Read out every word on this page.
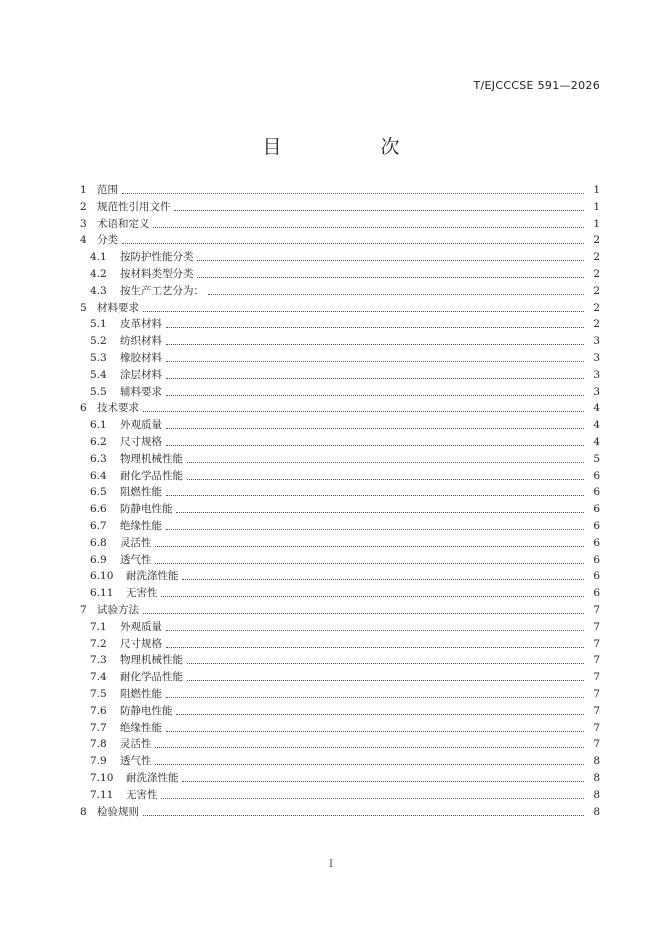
T/EJCCCSE 591—2026
目　次
1 范围	1
2 规范性引用文件	1
3 术语和定义	1
4 分类	2
4.1 按防护性能分类	2
4.2 按材料类型分类	2
4.3 按生产工艺分为：	2
5 材料要求	2
5.1 皮革材料	2
5.2 纺织材料	3
5.3 橡胶材料	3
5.4 涂层材料	3
5.5 辅料要求	3
6 技术要求	4
6.1 外观质量	4
6.2 尺寸规格	4
6.3 物理机械性能	5
6.4 耐化学品性能	6
6.5 阻燃性能	6
6.6 防静电性能	6
6.7 绝缘性能	6
6.8 灵活性	6
6.9 透气性	6
6.10 耐洗涤性能	6
6.11 无害性	6
7 试验方法	7
7.1 外观质量	7
7.2 尺寸规格	7
7.3 物理机械性能	7
7.4 耐化学品性能	7
7.5 阻燃性能	7
7.6 防静电性能	7
7.7 绝缘性能	7
7.8 灵活性	7
7.9 透气性	8
7.10 耐洗涤性能	8
7.11 无害性	8
8 检验规则	8
I
